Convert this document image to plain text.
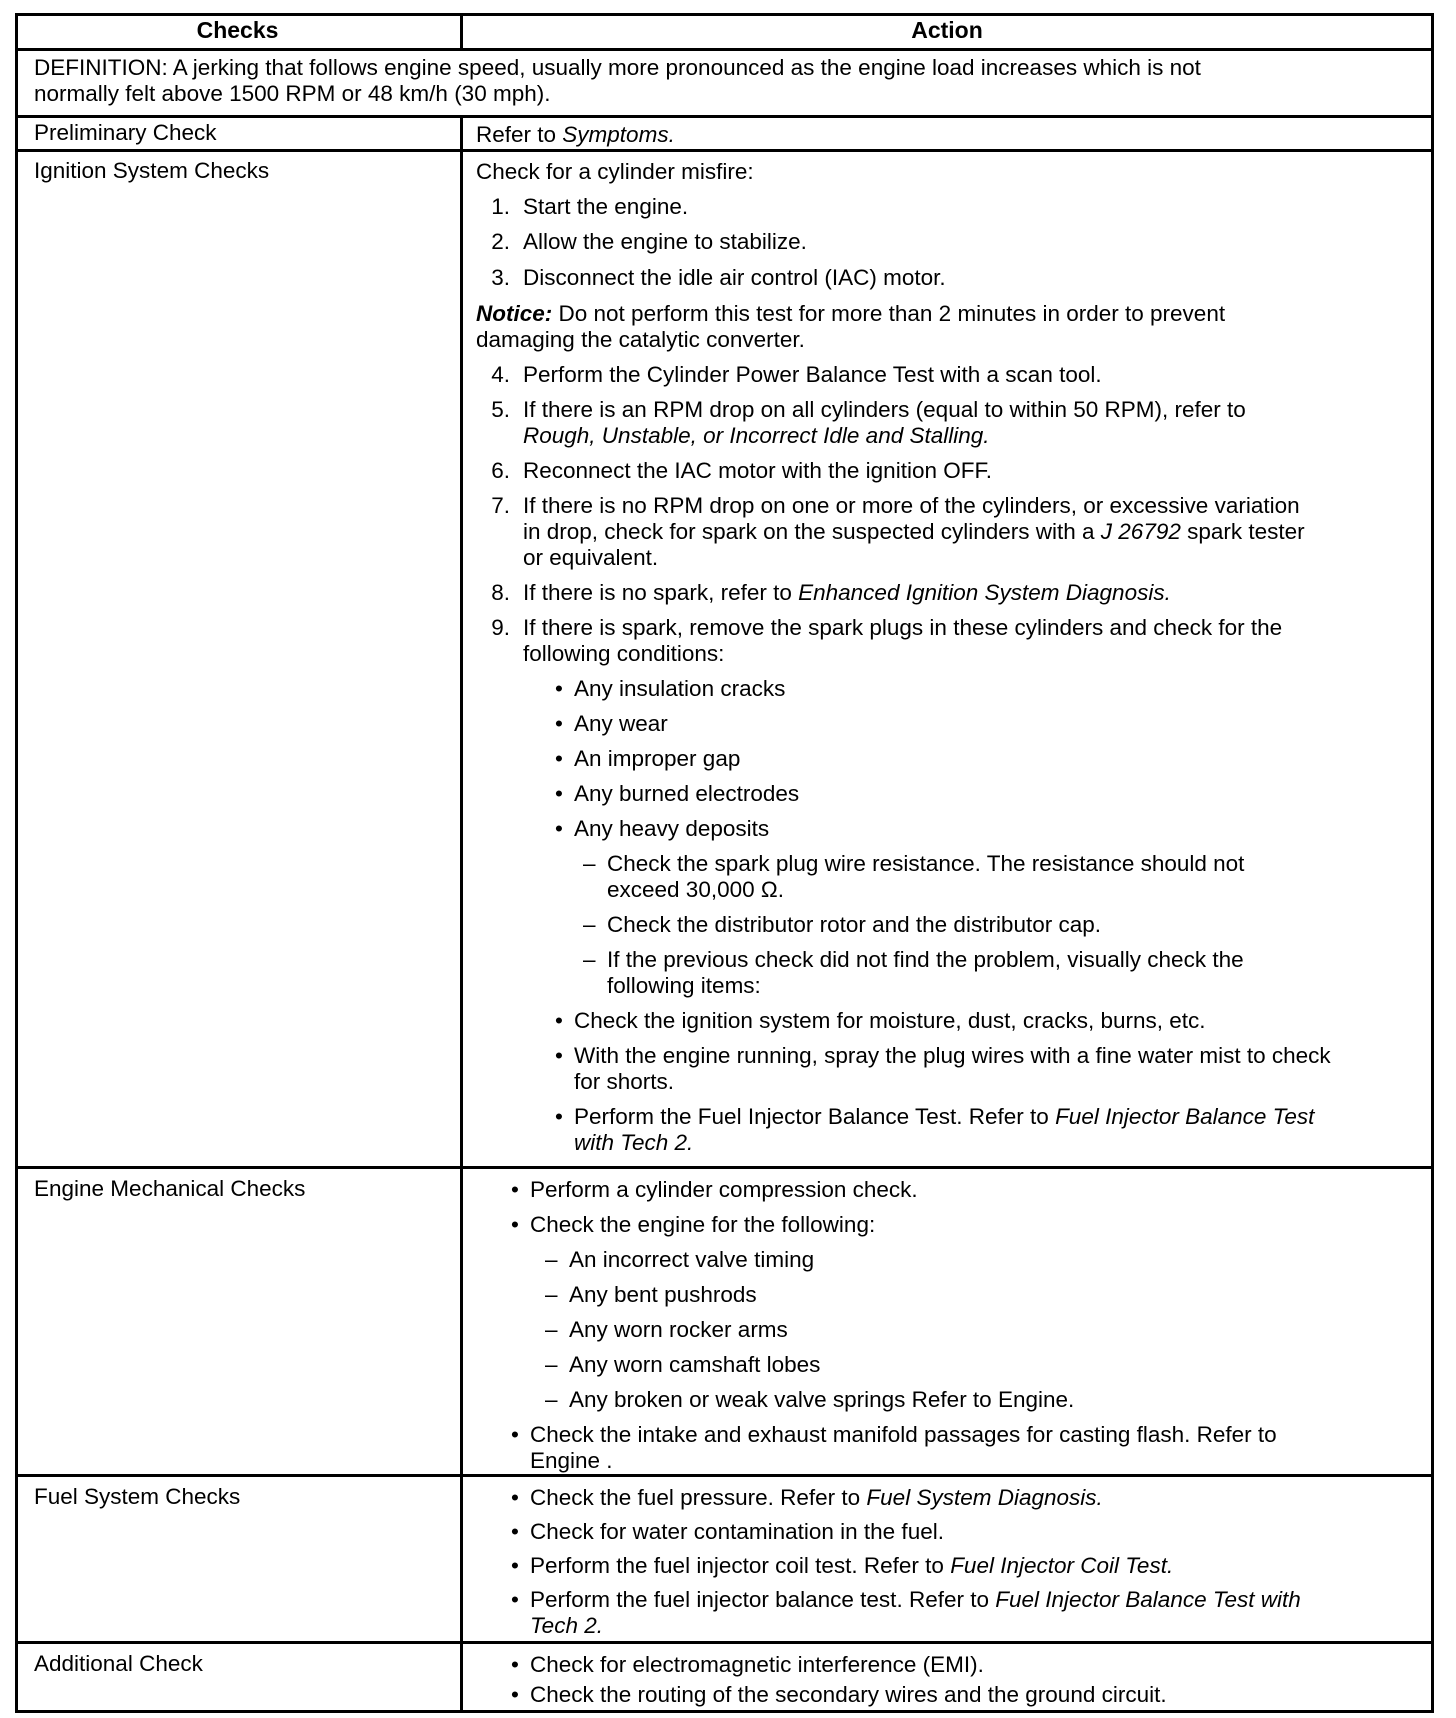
Checks	Action
DEFINITION: A jerking that follows engine speed, usually more pronounced as the engine load increases which is not
normally felt above 1500 RPM or 48 km/h (30 mph).
Preliminary Check	Refer to Symptoms.
Ignition System Checks	Check for a cylinder misfire:
1. Start the engine.
2. Allow the engine to stabilize.
3. Disconnect the idle air control (IAC) motor.
Notice: Do not perform this test for more than 2 minutes in order to prevent
damaging the catalytic converter.
4. Perform the Cylinder Power Balance Test with a scan tool.
5. If there is an RPM drop on all cylinders (equal to within 50 RPM), refer to
Rough, Unstable, or Incorrect Idle and Stalling.
6. Reconnect the IAC motor with the ignition OFF.
7. If there is no RPM drop on one or more of the cylinders, or excessive variation
in drop, check for spark on the suspected cylinders with a J 26792 spark tester
or equivalent.
8. If there is no spark, refer to Enhanced Ignition System Diagnosis.
9. If there is spark, remove the spark plugs in these cylinders and check for the
following conditions:
• Any insulation cracks
• Any wear
• An improper gap
• Any burned electrodes
• Any heavy deposits
– Check the spark plug wire resistance. The resistance should not
exceed 30,000 Ω.
– Check the distributor rotor and the distributor cap.
– If the previous check did not find the problem, visually check the
following items:
• Check the ignition system for moisture, dust, cracks, burns, etc.
• With the engine running, spray the plug wires with a fine water mist to check
for shorts.
• Perform the Fuel Injector Balance Test. Refer to Fuel Injector Balance Test
with Tech 2.
Engine Mechanical Checks	• Perform a cylinder compression check.
• Check the engine for the following:
– An incorrect valve timing
– Any bent pushrods
– Any worn rocker arms
– Any worn camshaft lobes
– Any broken or weak valve springs Refer to Engine.
• Check the intake and exhaust manifold passages for casting flash. Refer to
Engine .
Fuel System Checks	• Check the fuel pressure. Refer to Fuel System Diagnosis.
• Check for water contamination in the fuel.
• Perform the fuel injector coil test. Refer to Fuel Injector Coil Test.
• Perform the fuel injector balance test. Refer to Fuel Injector Balance Test with
Tech 2.
Additional Check	• Check for electromagnetic interference (EMI).
• Check the routing of the secondary wires and the ground circuit.
